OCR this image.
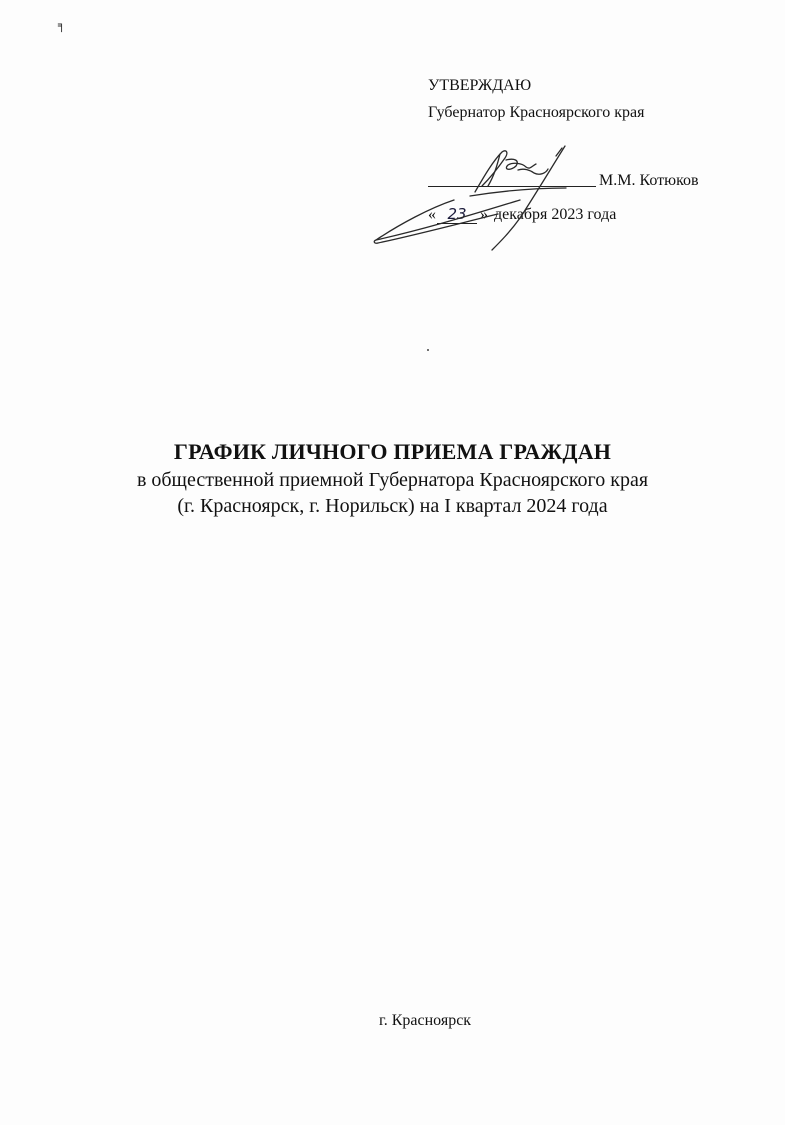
╕
УТВЕРЖДАЮ
Губернатор Красноярского края
М.М. Котюков
« 23 » декабря 2023 года
ГРАФИК ЛИЧНОГО ПРИЕМА ГРАЖДАН

в общественной приемной Губернатора Красноярского края

(г. Красноярск, г. Норильск) на I квартал 2024 года

г. Красноярск
